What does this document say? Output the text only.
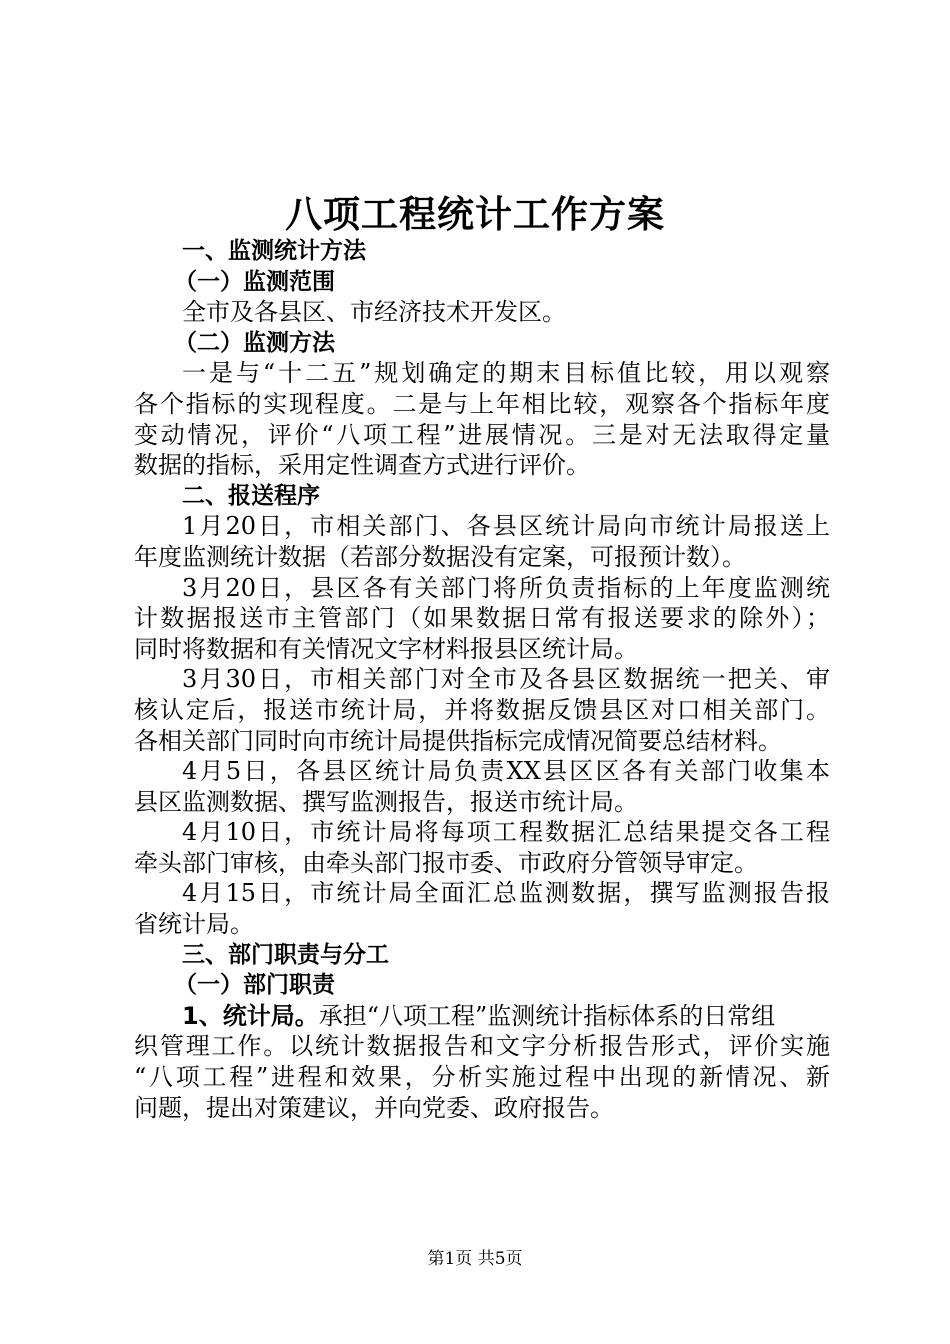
八项工程统计工作方案
一、监测统计方法
（一）监测范围
全市及各县区、市经济技术开发区。
（二）监测方法
一是与“十二五”规划确定的期末目标值比较，用以观察
各个指标的实现程度。二是与上年相比较，观察各个指标年度
变动情况，评价“八项工程”进展情况。三是对无法取得定量
数据的指标，采用定性调查方式进行评价。
二、报送程序
1月20日，市相关部门、各县区统计局向市统计局报送上
年度监测统计数据（若部分数据没有定案，可报预计数）。
3月20日，县区各有关部门将所负责指标的上年度监测统
计数据报送市主管部门（如果数据日常有报送要求的除外）；
同时将数据和有关情况文字材料报县区统计局。
3月30日，市相关部门对全市及各县区数据统一把关、审
核认定后，报送市统计局，并将数据反馈县区对口相关部门。
各相关部门同时向市统计局提供指标完成情况简要总结材料。
4月5日，各县区统计局负责XX县区区各有关部门收集本
县区监测数据、撰写监测报告，报送市统计局。
4月10日，市统计局将每项工程数据汇总结果提交各工程
牵头部门审核，由牵头部门报市委、市政府分管领导审定。
4月15日，市统计局全面汇总监测数据，撰写监测报告报
省统计局。
三、部门职责与分工
（一）部门职责
1、统计局。承担“八项工程”监测统计指标体系的日常组
织管理工作。以统计数据报告和文字分析报告形式，评价实施
“八项工程”进程和效果，分析实施过程中出现的新情况、新
问题，提出对策建议，并向党委、政府报告。
第1页 共5页
